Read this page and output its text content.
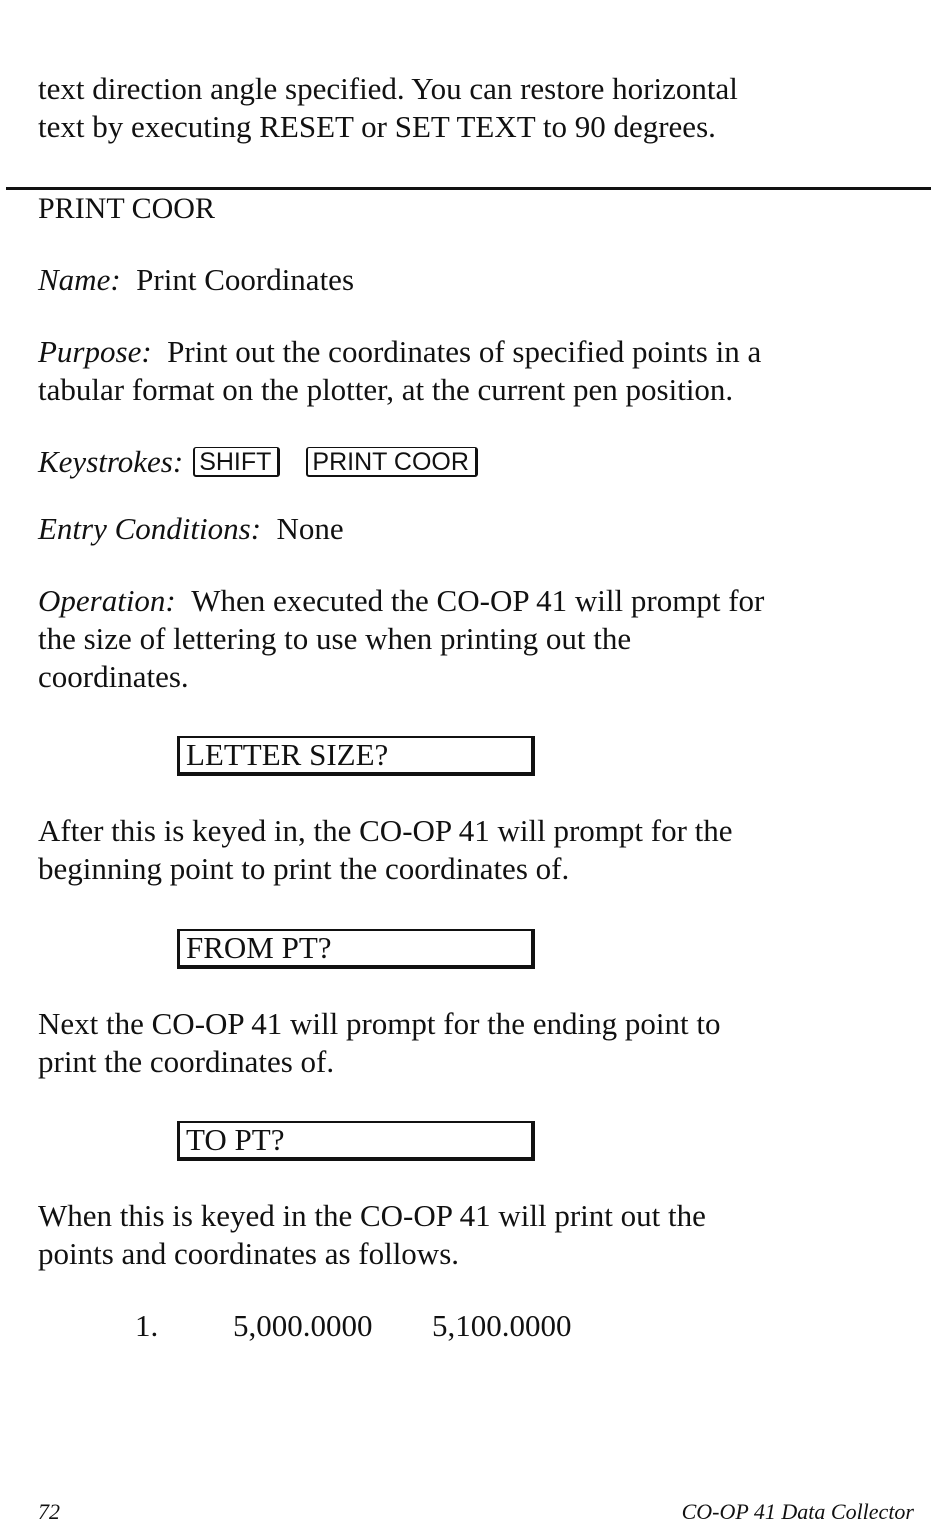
text direction angle specified. You can restore horizontal
text by executing RESET or SET TEXT to 90 degrees.
PRINT COOR
Name: Print Coordinates
Purpose: Print out the coordinates of specified points in a
tabular format on the plotter, at the current pen position.
Keystrokes: SHIFT PRINT COOR
Entry Conditions: None
Operation: When executed the CO-OP 41 will prompt for
the size of lettering to use when printing out the
coordinates.
LETTER SIZE?
After this is keyed in, the CO-OP 41 will prompt for the
beginning point to print the coordinates of.
FROM PT?
Next the CO-OP 41 will prompt for the ending point to
print the coordinates of.
TO PT?
When this is keyed in the CO-OP 41 will print out the
points and coordinates as follows.
1. 5,000.0000 5,100.0000
72	CO-OP 41 Data Collector
